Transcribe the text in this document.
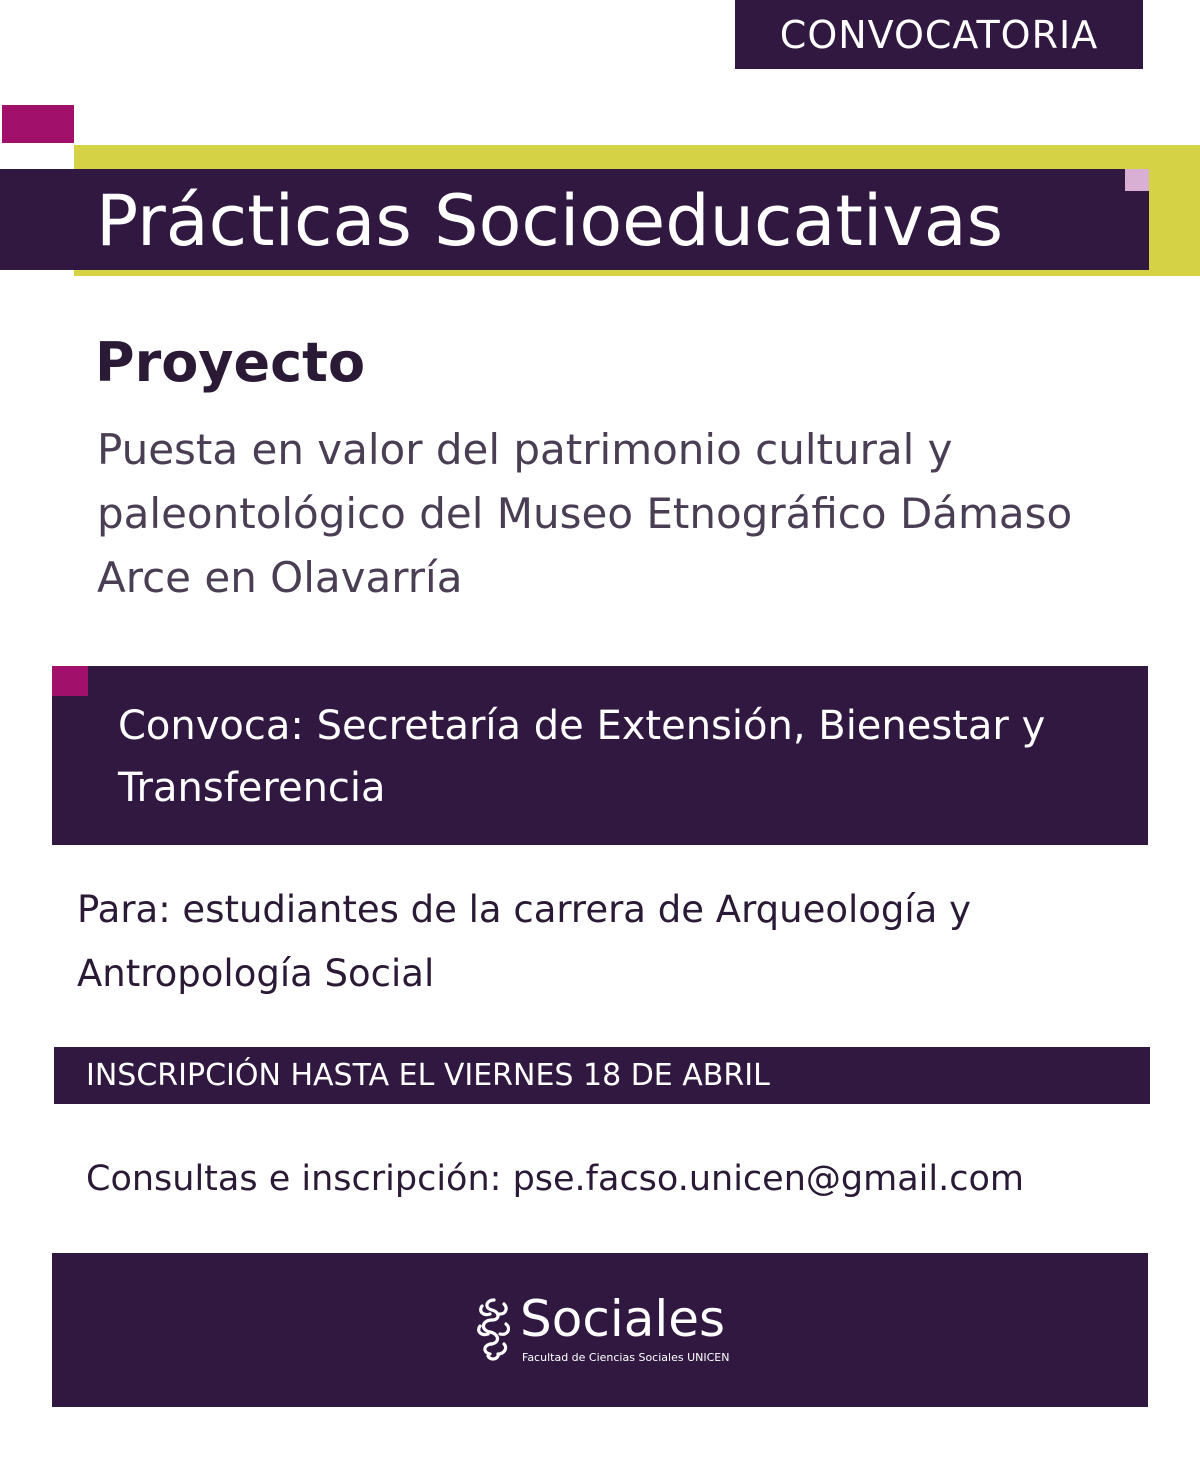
CONVOCATORIA
Prácticas Socioeducativas
Proyecto
Puesta en valor del patrimonio cultural y paleontológico del Museo Etnográfico Dámaso Arce en Olavarría
Convoca: Secretaría de Extensión, Bienestar y Transferencia
Para: estudiantes de la carrera de Arqueología y Antropología Social
INSCRIPCIÓN HASTA EL VIERNES 18 DE ABRIL
Consultas e inscripción: pse.facso.unicen@gmail.com
Sociales
Facultad de Ciencias Sociales UNICEN
